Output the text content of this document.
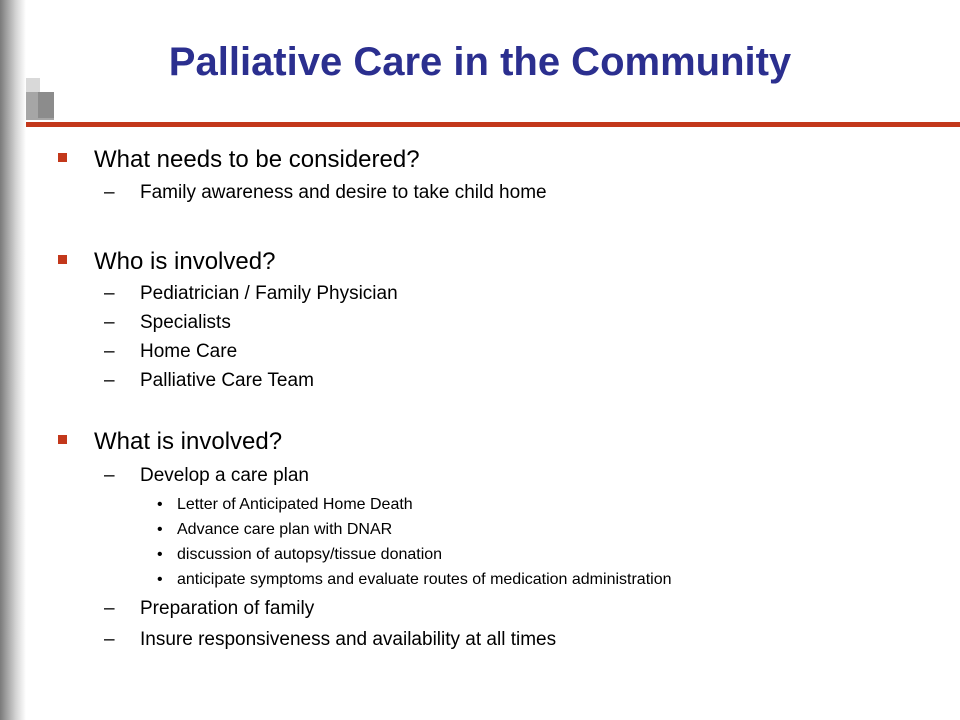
Palliative Care in the Community
What needs to be considered?
– Family awareness and desire to take child home
Who is involved?
– Pediatrician / Family Physician
– Specialists
– Home Care
– Palliative Care Team
What is involved?
– Develop a care plan
• Letter of Anticipated Home Death
• Advance care plan with DNAR
• discussion of autopsy/tissue donation
• anticipate symptoms and evaluate routes of medication administration
– Preparation of family
– Insure responsiveness and availability at all times
